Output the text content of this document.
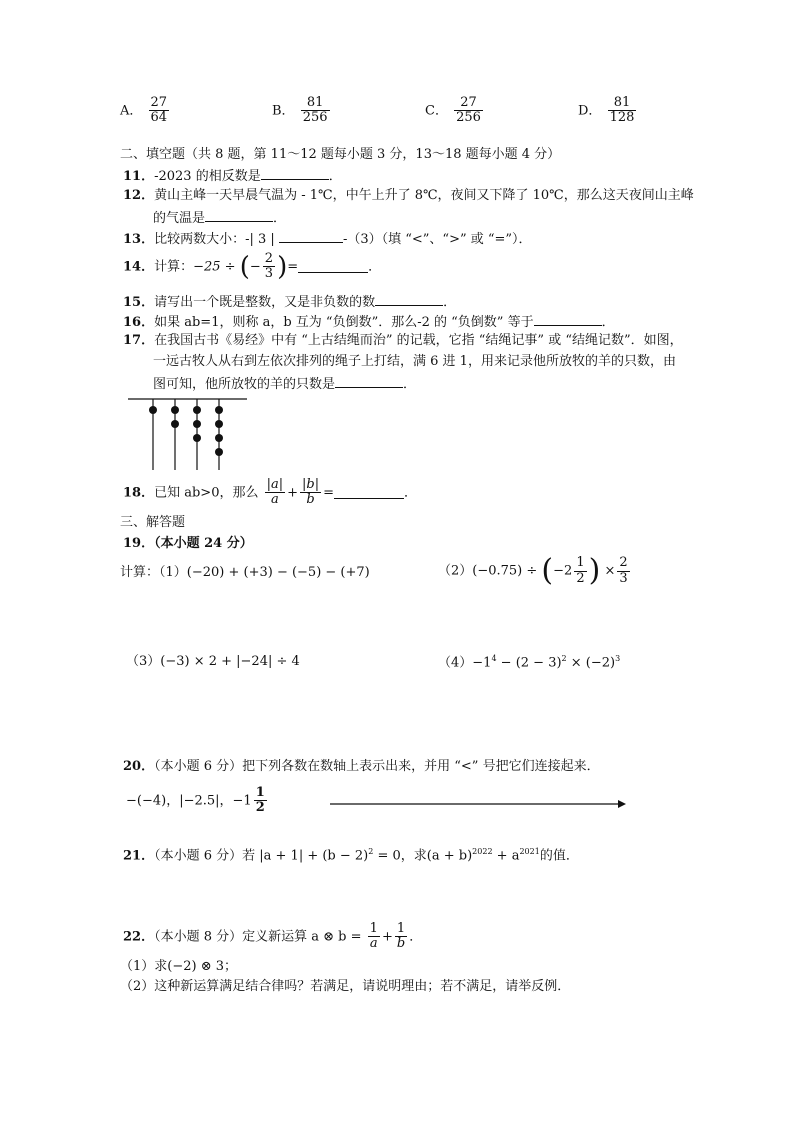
A． $\frac{27}{64}$	B． $\frac{81}{256}$	C． $\frac{27}{256}$	D． $\frac{81}{128}$
二、填空题（共 8 题，第 11～12 题每小题 3 分，13～18 题每小题 4 分）
11．-2023 的相反数是	．
12．黄山主峰一天早晨气温为 - 1℃，中午上升了 8℃，夜间又下降了 10℃，那么这天夜间山主峰
的气温是	．
13．比较两数大小：-| 3 |	-（3）（填 “<”、“>” 或 “=”）．
14．计算：−25 ÷ (− $\frac{2}{3}$ )=	．
15．请写出一个既是整数，又是非负数的数	．
16．如果 ab=1，则称 a，b 互为 “负倒数”．那么-2 的 “负倒数” 等于	．
17．在我国古书《易经》中有 “上古结绳而治” 的记载，它指 “结绳记事” 或 “结绳记数”．如图，
一远古牧人从右到左依次排列的绳子上打结，满 6 进 1，用来记录他所放牧的羊的只数，由
图可知，他所放牧的羊的只数是	．
18．已知 ab>0，那么 $\frac{|a|}{a} + \frac{|b|}{b}$ =	．
三、解答题
19．（本小题 24 分）
计算：（1）(−20) + (+3) − (−5) − (+7)	$(2)(-0.75) \div (-2 \frac{1}{2}$ ) × $\frac{2}{3}$
（3）(−3) × 2 + |−24| ÷ 4	$(4)-1^4 - (2 - 3)^2 \times (-2)^3$
20．（本小题 6 分）把下列各数在数轴上表示出来，并用 “<” 号把它们连接起来．
−(−4)，|−2.5|，$-1 \frac{1}{2}$
21．（本小题 6 分）若 $|a + 1| + (b - 2)^2 = 0$，求$(a + b)^{2022} + a^{2021}$的值．
22．（本小题 8 分）定义新运算 a ⊗ $b = \frac{1}{a} + \frac{1}{b}$ ．
（1）求(−2) ⊗ 3；
（2）这种新运算满足结合律吗？若满足，请说明理由；若不满足，请举反例．
